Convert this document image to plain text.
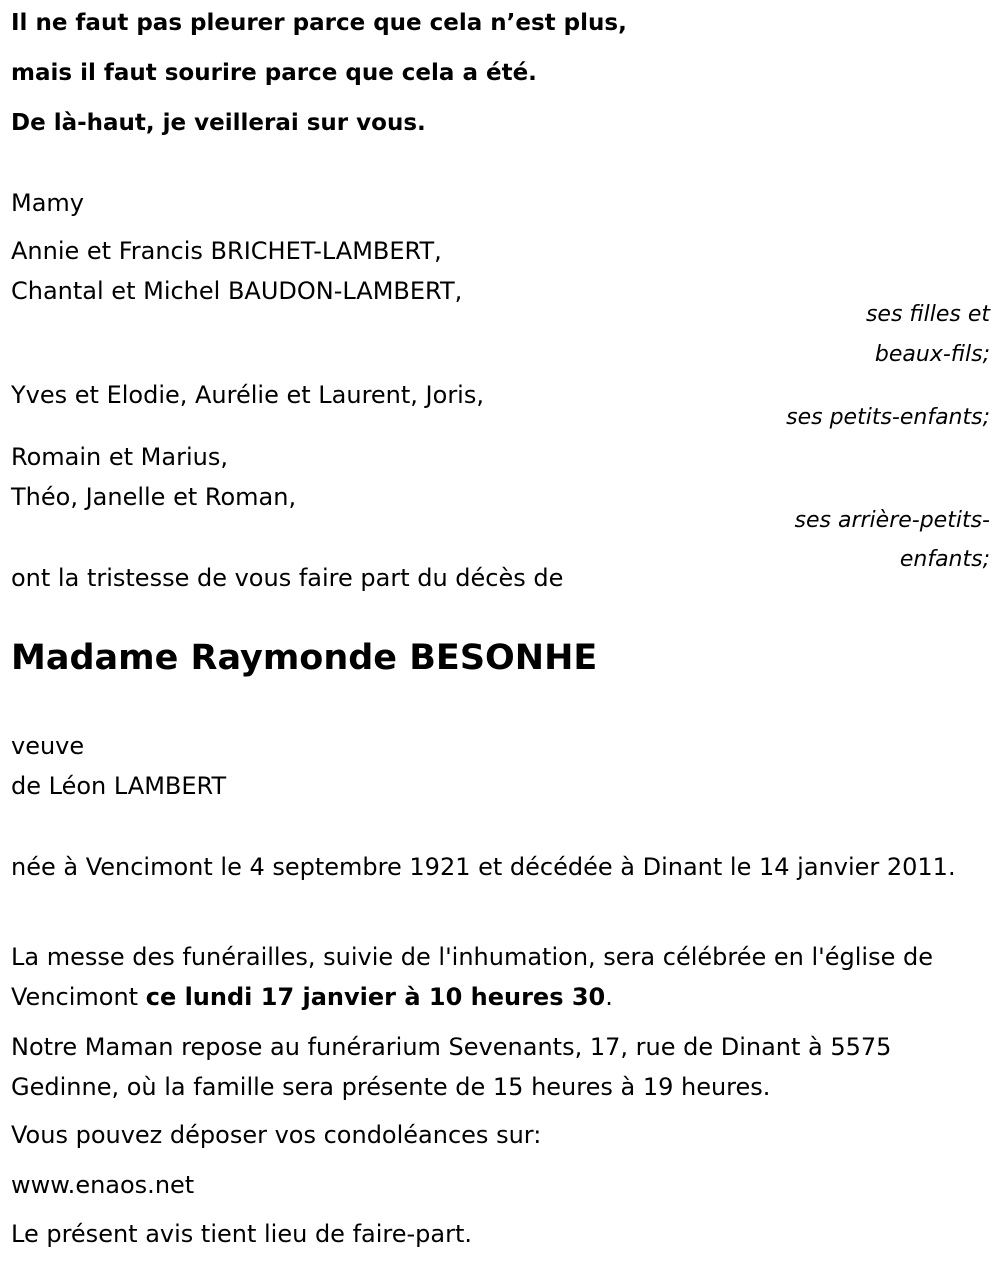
Il ne faut pas pleurer parce que cela n’est plus,
mais il faut sourire parce que cela a été.
De là-haut, je veillerai sur vous.
Mamy
Annie et Francis BRICHET-LAMBERT,
Chantal et Michel BAUDON-LAMBERT,
ses filles et
beaux-fils;
Yves et Elodie, Aurélie et Laurent, Joris,
ses petits-enfants;
Romain et Marius,
Théo, Janelle et Roman,
ses arrière-petits-
enfants;
ont la tristesse de vous faire part du décès de
Madame Raymonde BESONHE
veuve
de Léon LAMBERT
née à Vencimont le 4 septembre 1921 et décédée à Dinant le 14 janvier 2011.
La messe des funérailles, suivie de l'inhumation, sera célébrée en l'église de Vencimont ce lundi 17 janvier à 10 heures 30.
Notre Maman repose au funérarium Sevenants, 17, rue de Dinant à 5575 Gedinne, où la famille sera présente de 15 heures à 19 heures.
Vous pouvez déposer vos condoléances sur:
www.enaos.net
Le présent avis tient lieu de faire-part.
